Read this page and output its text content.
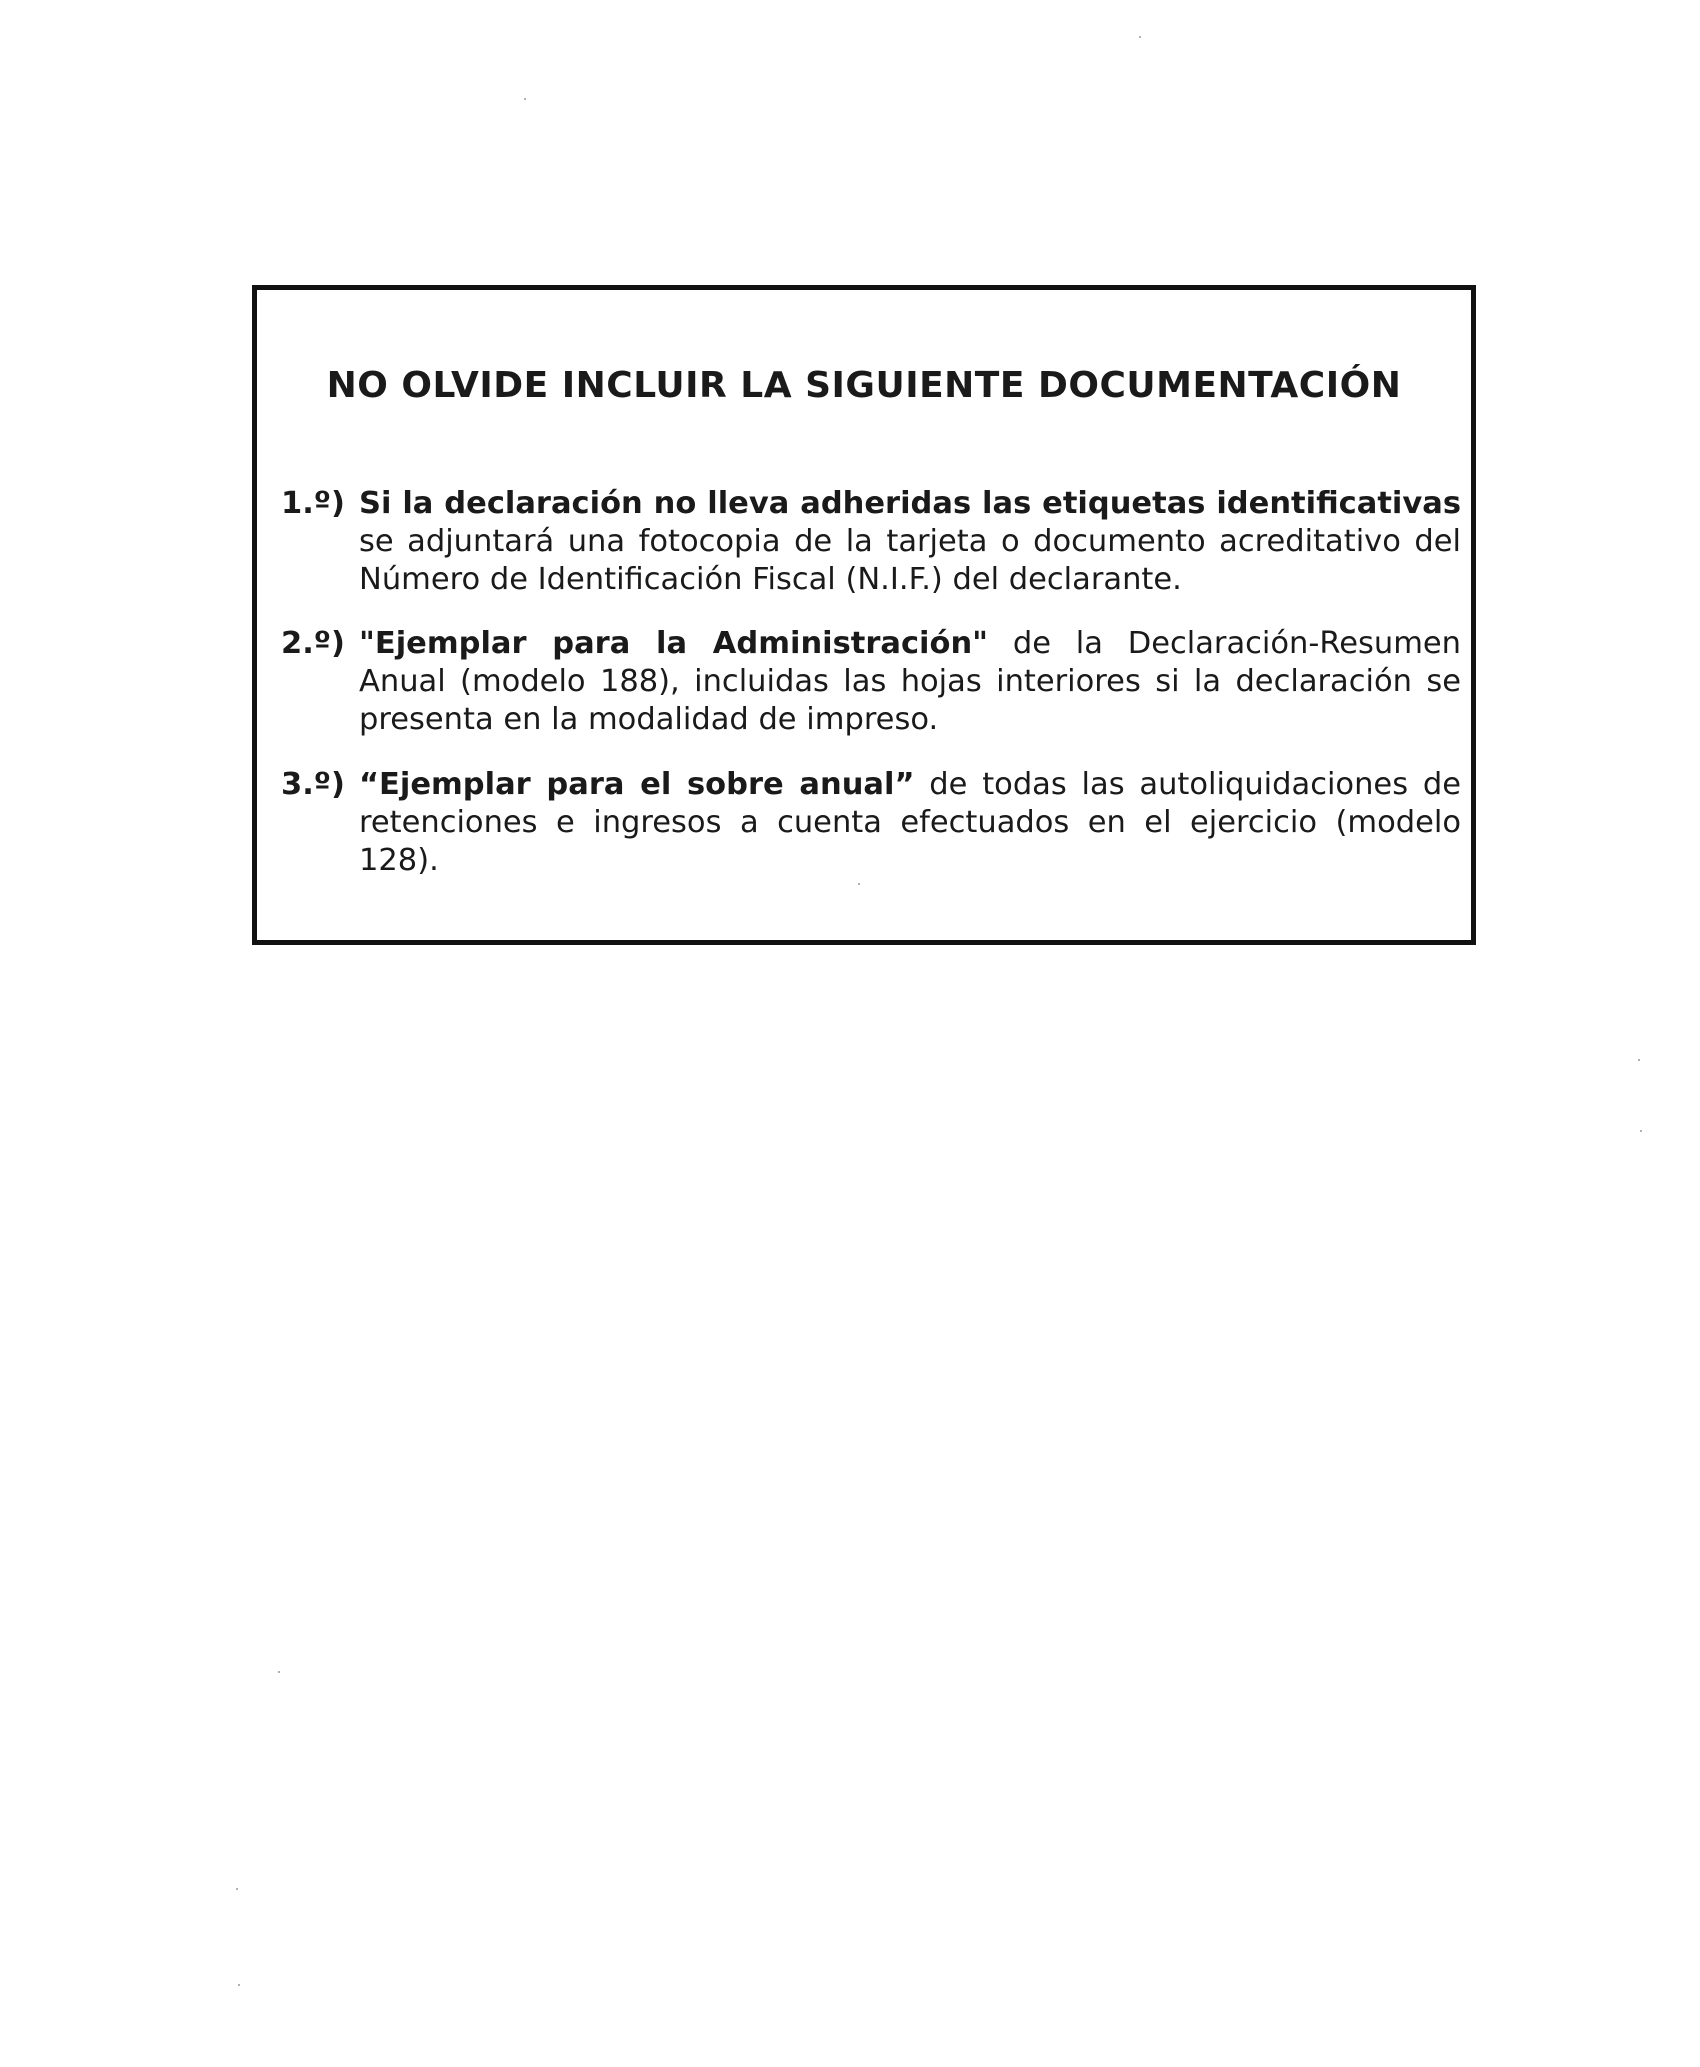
NO OLVIDE INCLUIR LA SIGUIENTE DOCUMENTACIÓN
1.º) Si la declaración no lleva adheridas las etiquetas identificativas se adjuntará una fotocopia de la tarjeta o documento acreditativo del Número de Identificación Fiscal (N.I.F.) del declarante.
2.º) "Ejemplar para la Administración" de la Declaración-Resumen Anual (modelo 188), incluidas las hojas interiores si la declaración se presenta en la modalidad de impreso.
3.º) “Ejemplar para el sobre anual” de todas las autoliquidaciones de retenciones e ingresos a cuenta efectuados en el ejercicio (modelo 128).
